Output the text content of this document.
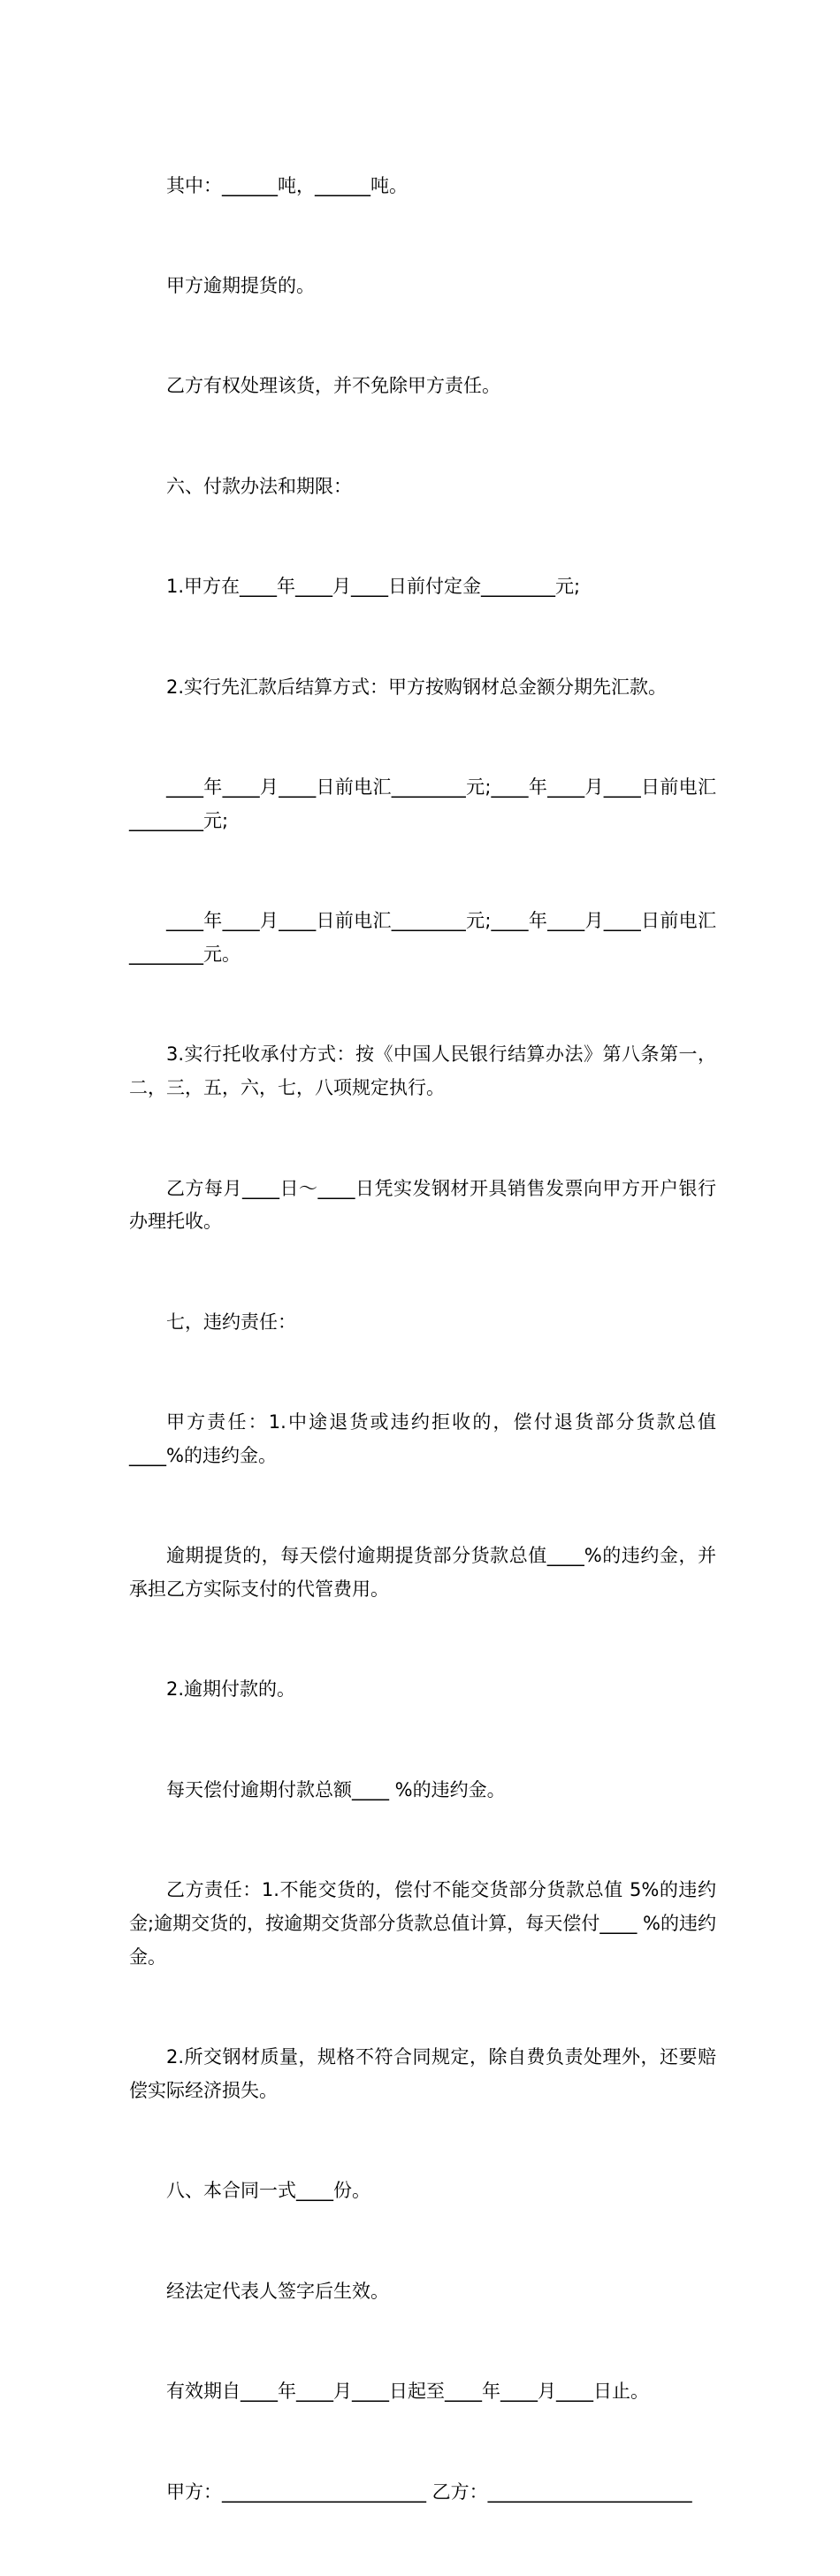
其中：______吨，______吨。

甲方逾期提货的。

乙方有权处理该货，并不免除甲方责任。

六、付款办法和期限：

1.甲方在____年____月____日前付定金________元;

2.实行先汇款后结算方式：甲方按购钢材总金额分期先汇款。

____年____月____日前电汇________元;____年____月____日前电汇________元;

____年____月____日前电汇________元;____年____月____日前电汇________元。

3.实行托收承付方式：按《中国人民银行结算办法》第八条第一，二，三，五，六，七，八项规定执行。

乙方每月____日～____日凭实发钢材开具销售发票向甲方开户银行办理托收。

七，违约责任：

甲方责任：1.中途退货或违约拒收的，偿付退货部分货款总值____%的违约金。

逾期提货的，每天偿付逾期提货部分货款总值____%的违约金，并承担乙方实际支付的代管费用。

2.逾期付款的。

每天偿付逾期付款总额____ %的违约金。

乙方责任：1.不能交货的，偿付不能交货部分货款总值 5%的违约金;逾期交货的，按逾期交货部分货款总值计算，每天偿付____ %的违约金。

2.所交钢材质量，规格不符合同规定，除自费负责处理外，还要赔偿实际经济损失。

八、本合同一式____份。

经法定代表人签字后生效。

有效期自____年____月____日起至____年____月____日止。

甲方：______________________ 乙方：______________________
